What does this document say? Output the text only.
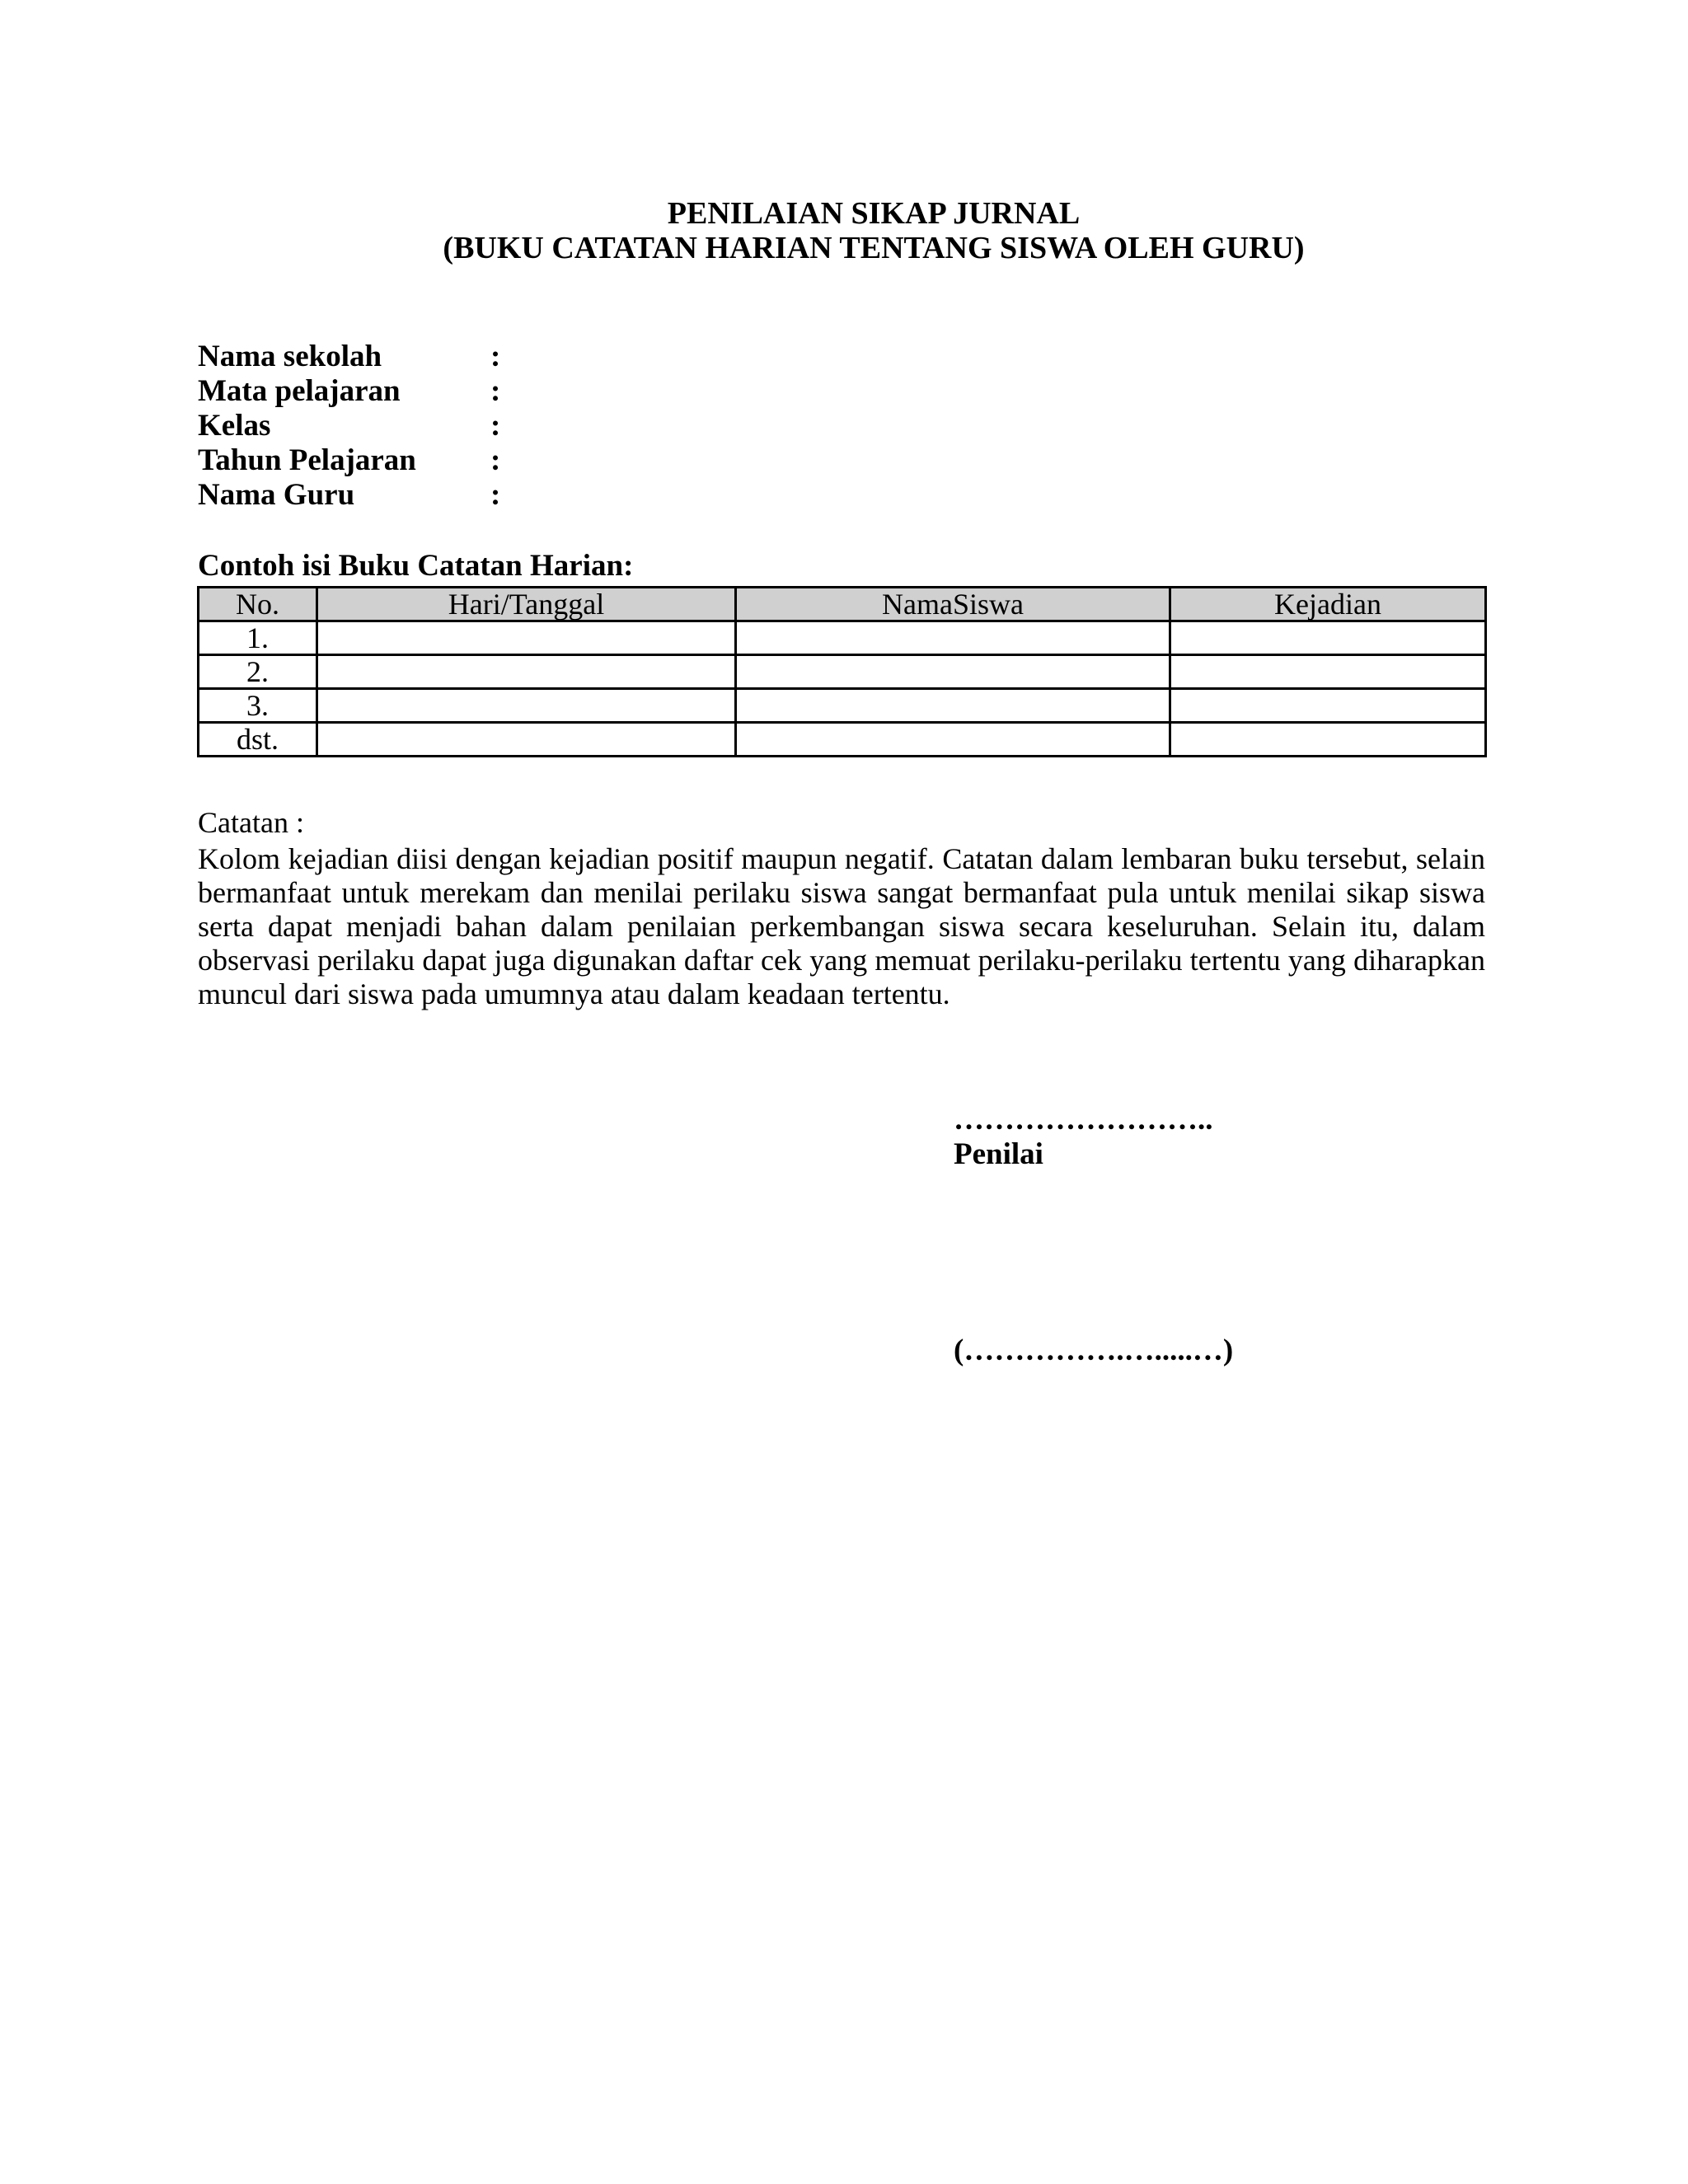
PENILAIAN SIKAP JURNAL
(BUKU CATATAN HARIAN TENTANG SISWA OLEH GURU)
Nama sekolah	:
Mata pelajaran	:
Kelas	:
Tahun Pelajaran :
Nama Guru	:
Contoh isi Buku Catatan Harian:
No.	Hari/Tanggal	NamaSiswa	Kejadian
1.			
2.			
3.			
dst.			
Catatan :
Kolom kejadian diisi dengan kejadian positif maupun negatif. Catatan dalam lembaran buku tersebut, selain bermanfaat untuk merekam dan menilai perilaku siswa sangat bermanfaat pula untuk menilai sikap siswa serta dapat menjadi bahan dalam penilaian perkembangan siswa secara keseluruhan. Selain itu, dalam observasi perilaku dapat juga digunakan daftar cek yang memuat perilaku-perilaku tertentu yang diharapkan muncul dari siswa pada umumnya atau dalam keadaan tertentu.
……………………..
Penilai
(…………….….....…)
